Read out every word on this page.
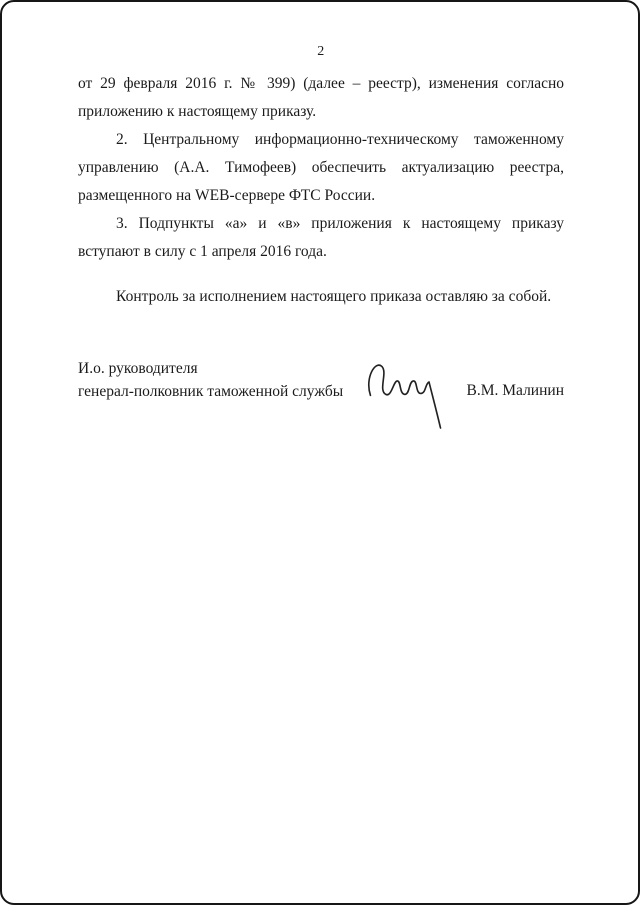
2

от 29 февраля 2016 г. № 399) (далее – реестр), изменения согласно приложению к настоящему приказу.

2. Центральному информационно-техническому таможенному управлению (А.А. Тимофеев) обеспечить актуализацию реестра, размещенного на WEB-сервере ФТС России.

3. Подпункты «а» и «в» приложения к настоящему приказу вступают в силу с 1 апреля 2016 года.

Контроль за исполнением настоящего приказа оставляю за собой.

И.о. руководителя
генерал-полковник таможенной службы	В.М. Малинин
